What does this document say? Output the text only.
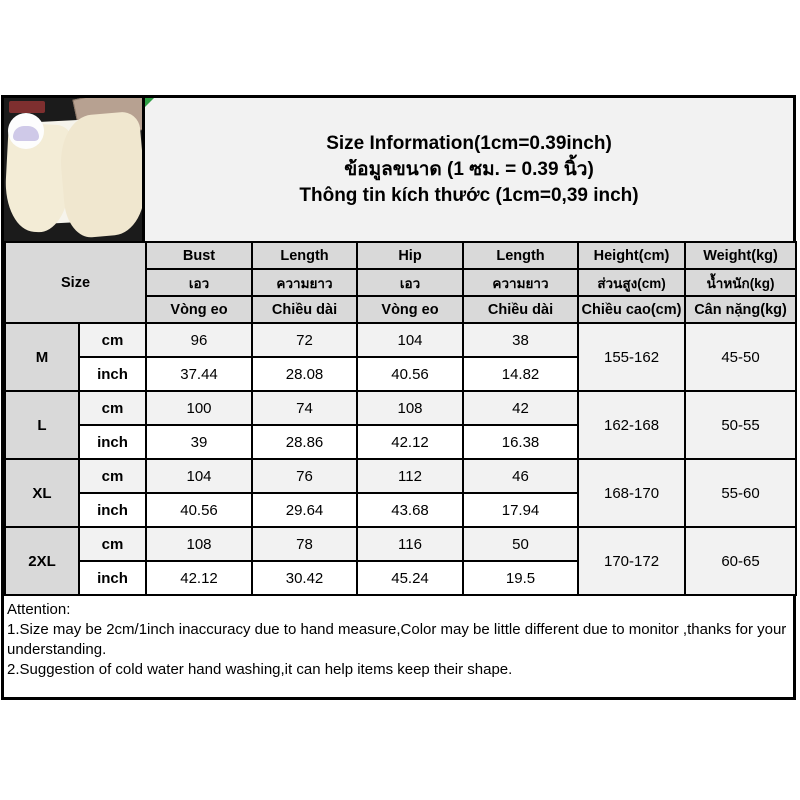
Size Information(1cm=0.39inch)
ข้อมูลขนาด (1 ซม. = 0.39 นิ้ว)
Thông tin kích thước (1cm=0,39 inch)
Size		Bust	Length	Hip	Length	Height(cm)	Weight(kg)
		เอว	ความยาว	เอว	ความยาว	ส่วนสูง(cm)	น้ำหนัก(kg)
		Vòng eo	Chiều dài	Vòng eo	Chiều dài	Chiều cao(cm)	Cân nặng(kg)
M	cm	96	72	104	38	155-162	45-50
	inch	37.44	28.08	40.56	14.82		
L	cm	100	74	108	42	162-168	50-55
	inch	39	28.86	42.12	16.38		
XL	cm	104	76	112	46	168-170	55-60
	inch	40.56	29.64	43.68	17.94		
2XL	cm	108	78	116	50	170-172	60-65
	inch	42.12	30.42	45.24	19.5		
Attention:
1.Size may be 2cm/1inch inaccuracy due to hand measure,Color may be little different due to monitor ,thanks for your understanding.
2.Suggestion of cold water hand washing,it can help items keep their shape.
